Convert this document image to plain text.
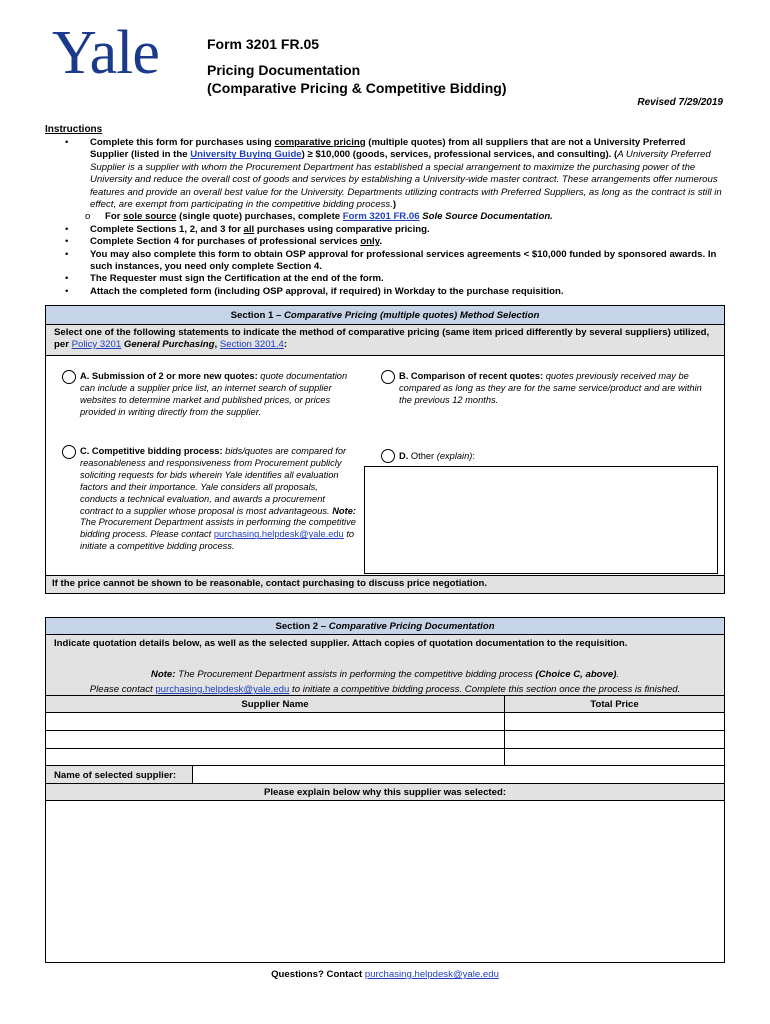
Yale	Form 3201 FR.05
Pricing Documentation
(Comparative Pricing & Competitive Bidding)
Revised 7/29/2019
Instructions
• Complete this form for purchases using comparative pricing (multiple quotes) from all suppliers that are not a University Preferred Supplier (listed in the University Buying Guide) ≥ $10,000 (goods, services, professional services, and consulting). (A University Preferred Supplier is a supplier with whom the Procurement Department has established a special arrangement to maximize the purchasing power of the University and reduce the overall cost of goods and services by establishing a University-wide master contract. These arrangements offer numerous features and provide an overall best value for the University. Departments utilizing contracts with Preferred Suppliers, as long as the contract is still in effect, are exempt from participating in the competitive bidding process.)
o For sole source (single quote) purchases, complete Form 3201 FR.06 Sole Source Documentation.
• Complete Sections 1, 2, and 3 for all purchases using comparative pricing.
• Complete Section 4 for purchases of professional services only.
• You may also complete this form to obtain OSP approval for professional services agreements < $10,000 funded by sponsored awards. In such instances, you need only complete Section 4.
• The Requester must sign the Certification at the end of the form.
• Attach the completed form (including OSP approval, if required) in Workday to the purchase requisition.
Section 1 – Comparative Pricing (multiple quotes) Method Selection
Select one of the following statements to indicate the method of comparative pricing (same item priced differently by several suppliers) utilized, per Policy 3201 General Purchasing, Section 3201.4:
A. Submission of 2 or more new quotes: quote documentation can include a supplier price list, an internet search of supplier websites to determine market and published prices, or prices provided in writing directly from the supplier.
B. Comparison of recent quotes: quotes previously received may be compared as long as they are for the same service/product and are within the previous 12 months.
C. Competitive bidding process: bids/quotes are compared for reasonableness and responsiveness from Procurement publicly soliciting requests for bids wherein Yale identifies all evaluation factors and their importance. Yale considers all proposals, conducts a technical evaluation, and awards a procurement contract to a supplier whose proposal is most advantageous. Note: The Procurement Department assists in performing the competitive bidding process. Please contact purchasing.helpdesk@yale.edu to initiate a competitive bidding process.
D. Other (explain):
If the price cannot be shown to be reasonable, contact purchasing to discuss price negotiation.
Section 2 – Comparative Pricing Documentation
Indicate quotation details below, as well as the selected supplier. Attach copies of quotation documentation to the requisition.
Note: The Procurement Department assists in performing the competitive bidding process (Choice C, above).
Please contact purchasing.helpdesk@yale.edu to initiate a competitive bidding process. Complete this section once the process is finished.
Supplier Name	Total Price
Name of selected supplier:
Please explain below why this supplier was selected:
Questions? Contact purchasing.helpdesk@yale.edu
